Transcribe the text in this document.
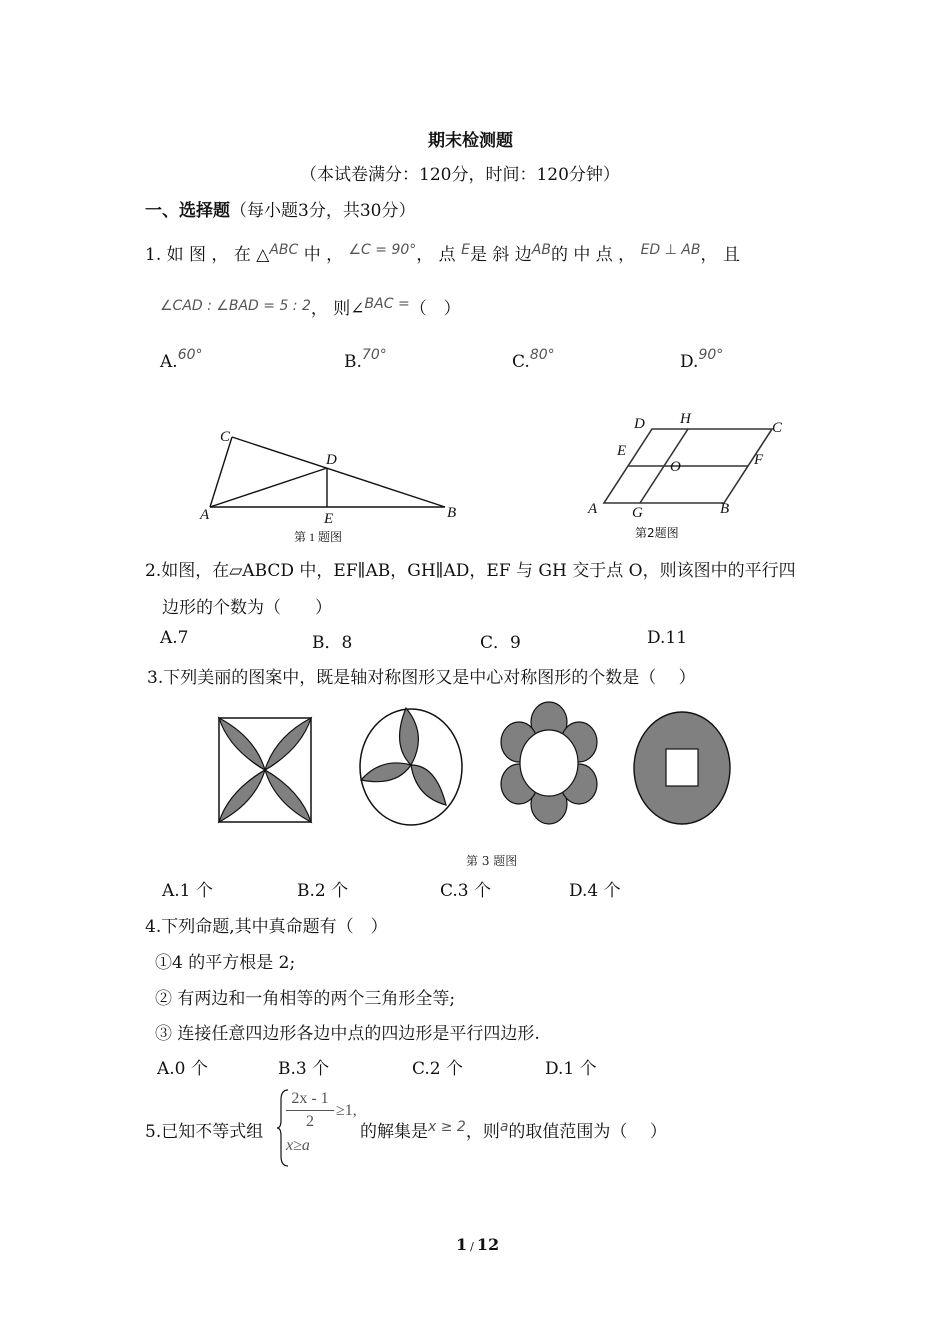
期末检测题
（本试卷满分：120分，时间：120分钟）
一、选择题（每小题3分，共30分）
1. 如 图 ， 在 △$^{ABC}$ 中 ， $^{\angle C = 90^\circ}$， 点 $^E$是 斜 边$^{AB}$的 中 点 ， $^{ED \perp AB}$， 且
$^{\angle CAD : \angle BAD = 5 : 2}$， 则∠$^{BAC =}$（　）
A.$^{60^\circ}$	B.$^{70^\circ}$	C.$^{80^\circ}$	D.$^{90^\circ}$
C
D
A	E	B
第 1 题图
D H
C
E
O	F
A G	B
第2题图
2.如图，在▱ABCD 中，EF∥AB，GH∥AD，EF 与 GH 交于点 O，则该图中的平行四
边形的个数为（　　）
A.7	B．8	C．9	D.11
3.下列美丽的图案中，既是轴对称图形又是中心对称图形的个数是（　 ）
第 3 题图
A.1 个	B.2 个	C.3 个	D.4 个
4.下列命题,其中真命题有（　）
①4 的平方根是 2;
② 有两边和一角相等的两个三角形全等;
③ 连接任意四边形各边中点的四边形是平行四边形.
A.0 个	B.3 个	C.2 个	D.1 个
5.已知不等式组
2x - 1
2
≥1,
x≥a
的解集是$^{x \ge 2}$，则$^a$的取值范围为（　 ）
1 / 12
